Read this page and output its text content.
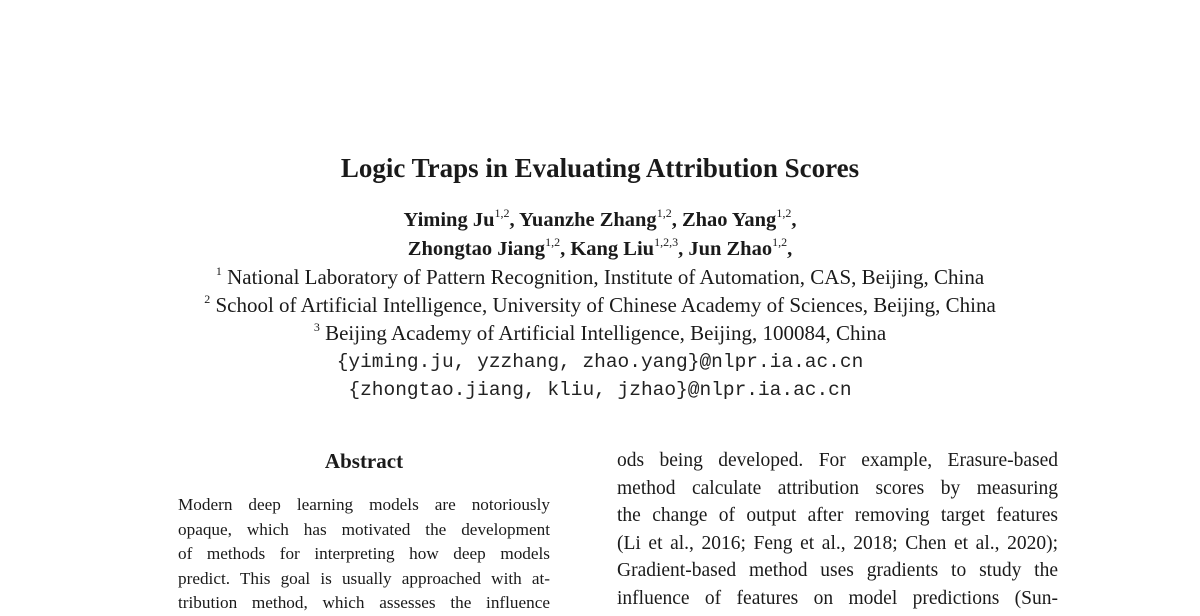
Logic Traps in Evaluating Attribution Scores
Yiming Ju$^{1,2}$, Yuanzhe Zhang$^{1,2}$, Zhao Yang$^{1,2}$,
Zhongtao Jiang$^{1,2}$, Kang Liu$^{1,2,3}$, Jun Zhao$^{1,2}$,
$^1$ National Laboratory of Pattern Recognition, Institute of Automation, CAS, Beijing, China
$^2$ School of Artificial Intelligence, University of Chinese Academy of Sciences, Beijing, China
$^3$ Beijing Academy of Artificial Intelligence, Beijing, 100084, China
{yiming.ju, yzzhang, zhao.yang}@nlpr.ia.ac.cn
{zhongtao.jiang, kliu, jzhao}@nlpr.ia.ac.cn
Abstract
Modern deep learning models are notoriously
opaque, which has motivated the development
of methods for interpreting how deep models
predict. This goal is usually approached with at-
tribution method, which assesses the influence
ods being developed. For example, Erasure-based
method calculate attribution scores by measuring
the change of output after removing target features
(Li et al., 2016; Feng et al., 2018; Chen et al., 2020);
Gradient-based method uses gradients to study the
influence of features on model predictions (Sun-
